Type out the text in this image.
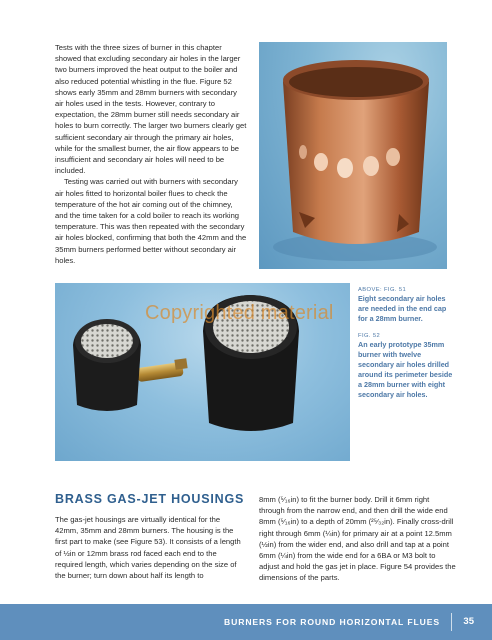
Tests with the three sizes of burner in this chapter showed that excluding secondary air holes in the larger two burners improved the heat output to the boiler and also reduced potential whistling in the flue. Figure 52 shows early 35mm and 28mm burners with secondary air holes used in the tests. However, contrary to expectation, the 28mm burner still needs secondary air holes to burn correctly. The larger two burners clearly get sufficient secondary air through the primary air holes, while for the smallest burner, the air flow appears to be insufficient and secondary air holes will need to be included.

Testing was carried out with burners with secondary air holes fitted to horizontal boiler flues to check the temperature of the hot air coming out of the chimney, and the time taken for a cold boiler to reach its working temperature. This was then repeated with the secondary air holes blocked, confirming that both the 42mm and the 35mm burners performed better without secondary air holes.

Copyrighted material
ABOVE: FIG. 51
Eight secondary air holes are needed in the end cap for a 28mm burner.
FIG. 52
An early prototype 35mm burner with twelve secondary air holes drilled around its perimeter beside a 28mm burner with eight secondary air holes.
BRASS GAS-JET HOUSINGS

The gas-jet housings are virtually identical for the 42mm, 35mm and 28mm burners. The housing is the first part to make (see Figure 53). It consists of a length of ½in or 12mm brass rod faced each end to the required length, which varies depending on the size of the burner; turn down about half its length to

8mm (⁵⁄₁₆in) to fit the burner body. Drill it 6mm right through from the narrow end, and then drill the wide end 8mm (⁵⁄₁₆in) to a depth of 20mm (²⁵⁄₃₂in). Finally cross-drill right through 6mm (¼in) for primary air at a point 12.5mm (½in) from the wider end, and also drill and tap at a point 6mm (¼in) from the wide end for a 6BA or M3 bolt to adjust and hold the gas jet in place. Figure 54 provides the dimensions of the parts.

BURNERS FOR ROUND HORIZONTAL FLUES 35
